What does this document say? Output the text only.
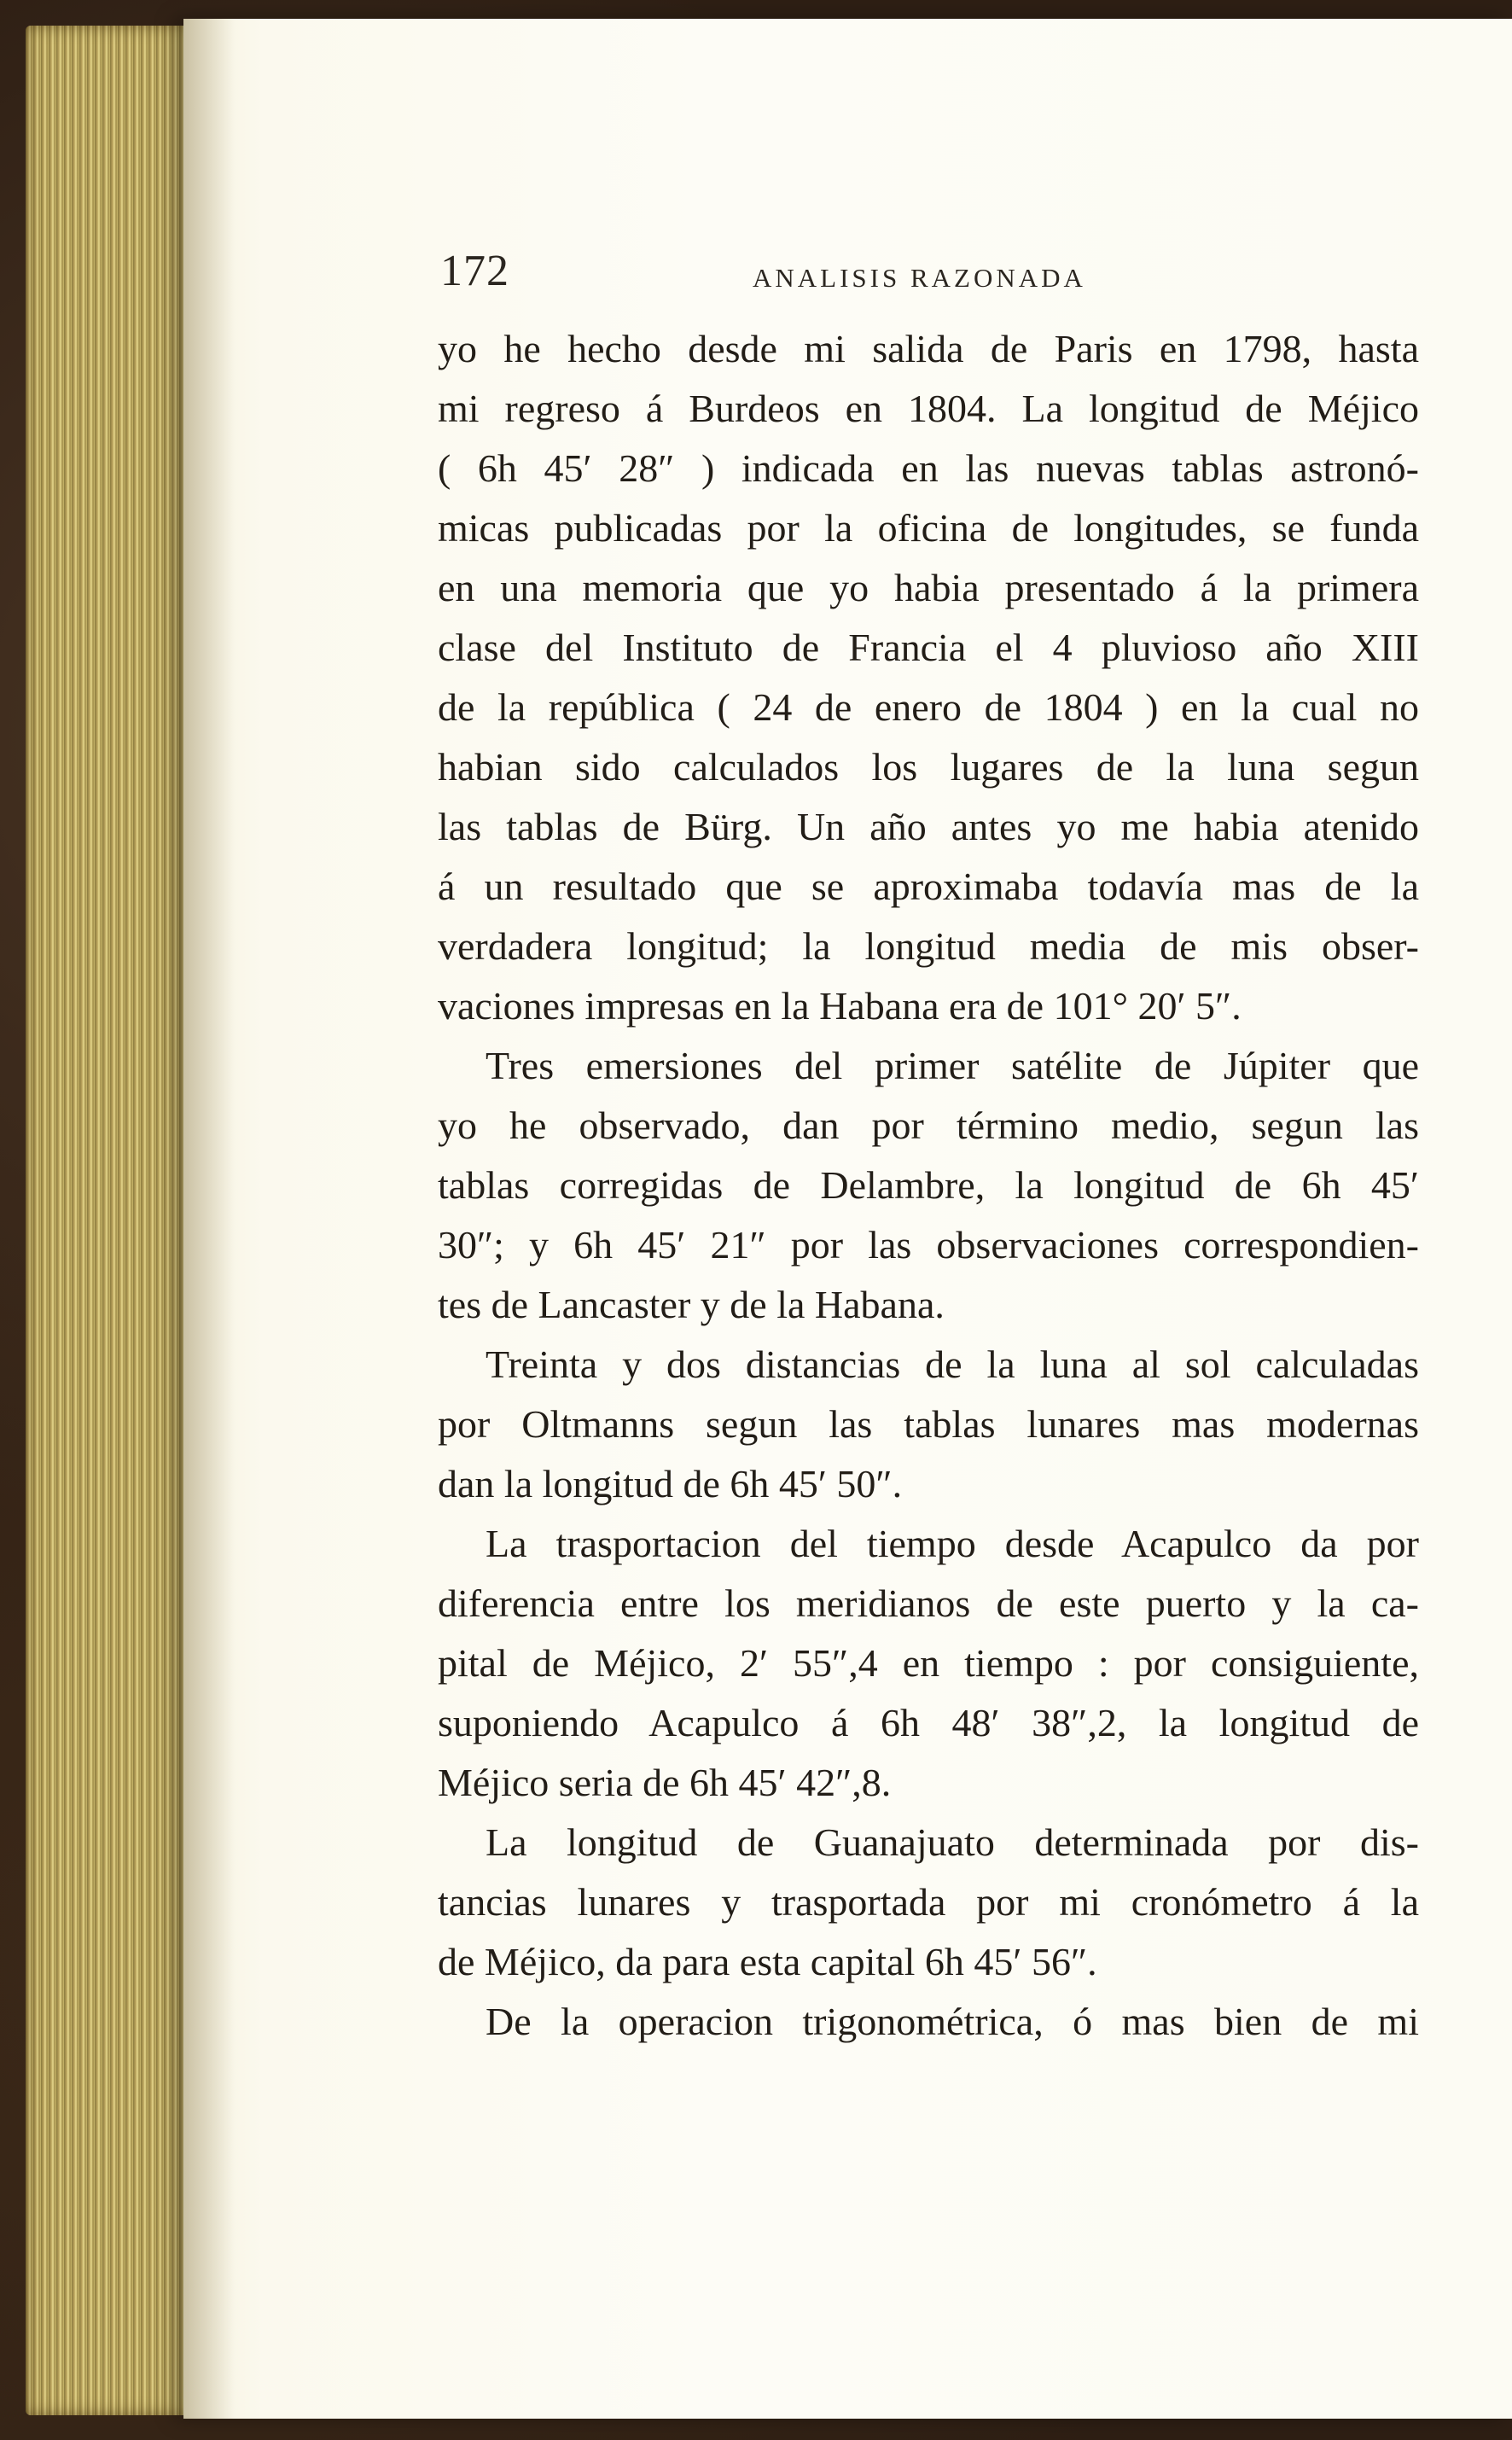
172	ANALISIS RAZONADA
yo he hecho desde mi salida de Paris en 1798, hasta
mi regreso á Burdeos en 1804. La longitud de Méjico
( 6h 45′ 28″ ) indicada en las nuevas tablas astronó-
micas publicadas por la oficina de longitudes, se funda
en una memoria que yo habia presentado á la primera
clase del Instituto de Francia el 4 pluvioso año XIII
de la república ( 24 de enero de 1804 ) en la cual no
habian sido calculados los lugares de la luna segun
las tablas de Bürg. Un año antes yo me habia atenido
á un resultado que se aproximaba todavía mas de la
verdadera longitud; la longitud media de mis obser-
vaciones impresas en la Habana era de 101° 20′ 5″.
Tres emersiones del primer satélite de Júpiter que
yo he observado, dan por término medio, segun las
tablas corregidas de Delambre, la longitud de 6h 45′
30″; y 6h 45′ 21″ por las observaciones correspondien-
tes de Lancaster y de la Habana.
Treinta y dos distancias de la luna al sol calculadas
por Oltmanns segun las tablas lunares mas modernas
dan la longitud de 6h 45′ 50″.
La trasportacion del tiempo desde Acapulco da por
diferencia entre los meridianos de este puerto y la ca-
pital de Méjico, 2′ 55″,4 en tiempo : por consiguiente,
suponiendo Acapulco á 6h 48′ 38″,2, la longitud de
Méjico seria de 6h 45′ 42″,8.
La longitud de Guanajuato determinada por dis-
tancias lunares y trasportada por mi cronómetro á la
de Méjico, da para esta capital 6h 45′ 56″.
De la operacion trigonométrica, ó mas bien de mi
